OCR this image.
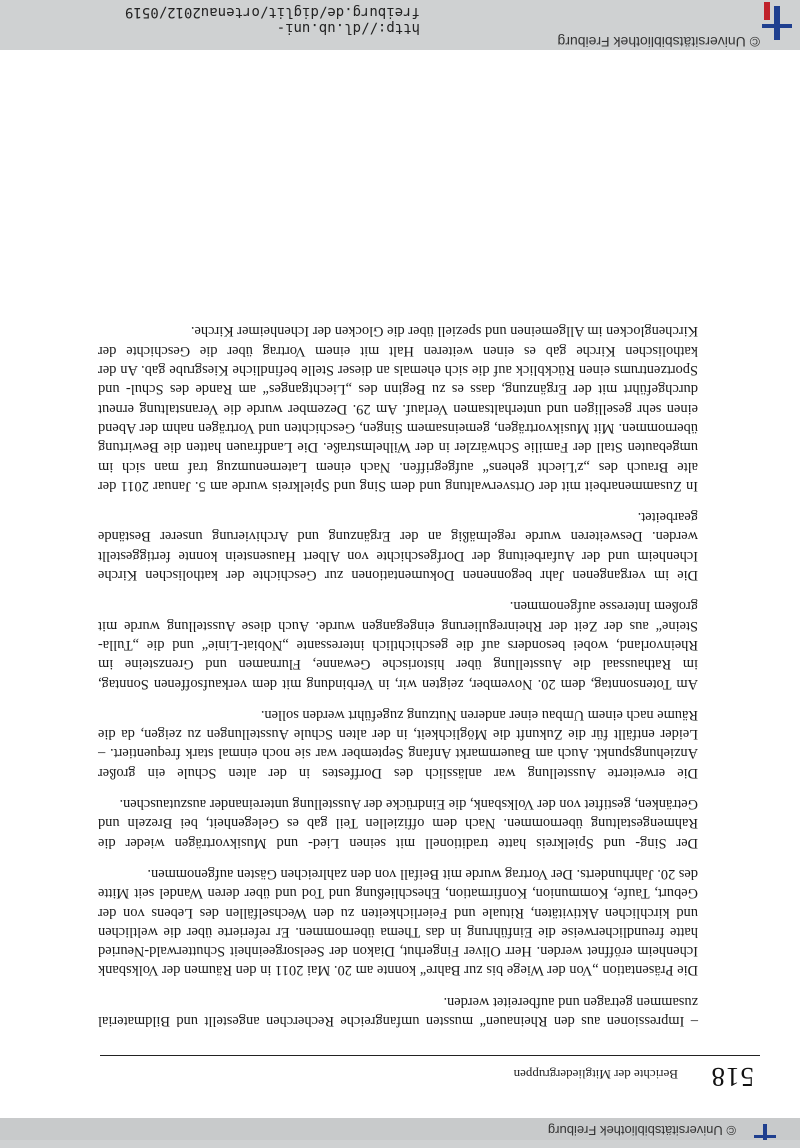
© Universitätsbibliothek Freiburg
518
Berichte der Mitgliedergruppen

– Impressionen aus den Rheinauen“ mussten umfangreiche Recherchen angestellt und Bildmaterial zusammen getragen und aufbereitet werden.

Die Präsentation „Von der Wiege bis zur Bahre“ konnte am 20. Mai 2011 in den Räumen der Volksbank Ichenheim eröffnet werden. Herr Oliver Fingerhut, Diakon der Seelsorgeeinheit Schutterwald-Neuried hatte freundlicherweise die Einführung in das Thema übernommen. Er referierte über die weltlichen und kirchlichen Aktivitäten, Rituale und Feierlichkeiten zu den Wechselfällen des Lebens von der Geburt, Taufe, Kommunion, Konfirmation, Eheschließung und Tod und über deren Wandel seit Mitte des 20. Jahrhunderts. Der Vortrag wurde mit Beifall von den zahlreichen Gästen aufgenommen.

Der Sing- und Spielkreis hatte traditionell mit seinen Lied- und Musikvorträgen wieder die Rahmengestaltung übernommen. Nach dem offiziellen Teil gab es Gelegenheit, bei Brezeln und Getränken, gestiftet von der Volksbank, die Eindrücke der Ausstellung untereinander auszutauschen.

Die erweiterte Ausstellung war anlässlich des Dorffestes in der alten Schule ein großer Anziehungspunkt. Auch am Bauernmarkt Anfang September war sie noch einmal stark frequentiert. – Leider entfällt für die Zukunft die Möglichkeit, in der alten Schule Ausstellungen zu zeigen, da die Räume nach einem Umbau einer anderen Nutzung zugeführt werden sollen.

Am Totensonntag, dem 20. November, zeigten wir, in Verbindung mit dem verkaufsoffenen Sonntag, im Rathaussaal die Ausstellung über historische Gewanne, Flurnamen und Grenzsteine im Rheinvorland, wobei besonders auf die geschichtlich interessante „Nobiat-Linie“ und die „Tulla-Steine“ aus der Zeit der Rheinregulierung eingegangen wurde. Auch diese Ausstellung wurde mit großem Interesse aufgenommen.

Die im vergangenen Jahr begonnenen Dokumentationen zur Geschichte der katholischen Kirche Ichenheim und der Aufarbeitung der Dorfgeschichte von Albert Hausenstein konnte fertiggestellt werden. Desweiteren wurde regelmäßig an der Ergänzung und Archivierung unserer Bestände gearbeitet.

In Zusammenarbeit mit der Ortsverwaltung und dem Sing und Spielkreis wurde am 5. Januar 2011 der alte Brauch des „z'Liecht gehens“ aufgegriffen. Nach einem Laternenumzug traf man sich im umgebauten Stall der Familie Schwärzler in der Wilhelmstraße. Die Landfrauen hatten die Bewirtung übernommen. Mit Musikvorträgen, gemeinsamem Singen, Geschichten und Vorträgen nahm der Abend einen sehr geselligen und unterhaltsamen Verlauf. Am 29. Dezember wurde die Veranstaltung erneut durchgeführt mit der Ergänzung, dass es zu Beginn des „Liechtganges“ am Rande des Schul- und Sportzentrums einen Rückblick auf die sich ehemals an dieser Stelle befindliche Kiesgrube gab. An der katholischen Kirche gab es einen weiteren Halt mit einem Vortrag über die Geschichte der Kirchenglocken im Allgemeinen und speziell über die Glocken der Ichenheimer Kirche.

© Universitätsbibliothek Freiburg
http://dl.ub.uni-freiburg.de/diglit/ortenau2012/0519
